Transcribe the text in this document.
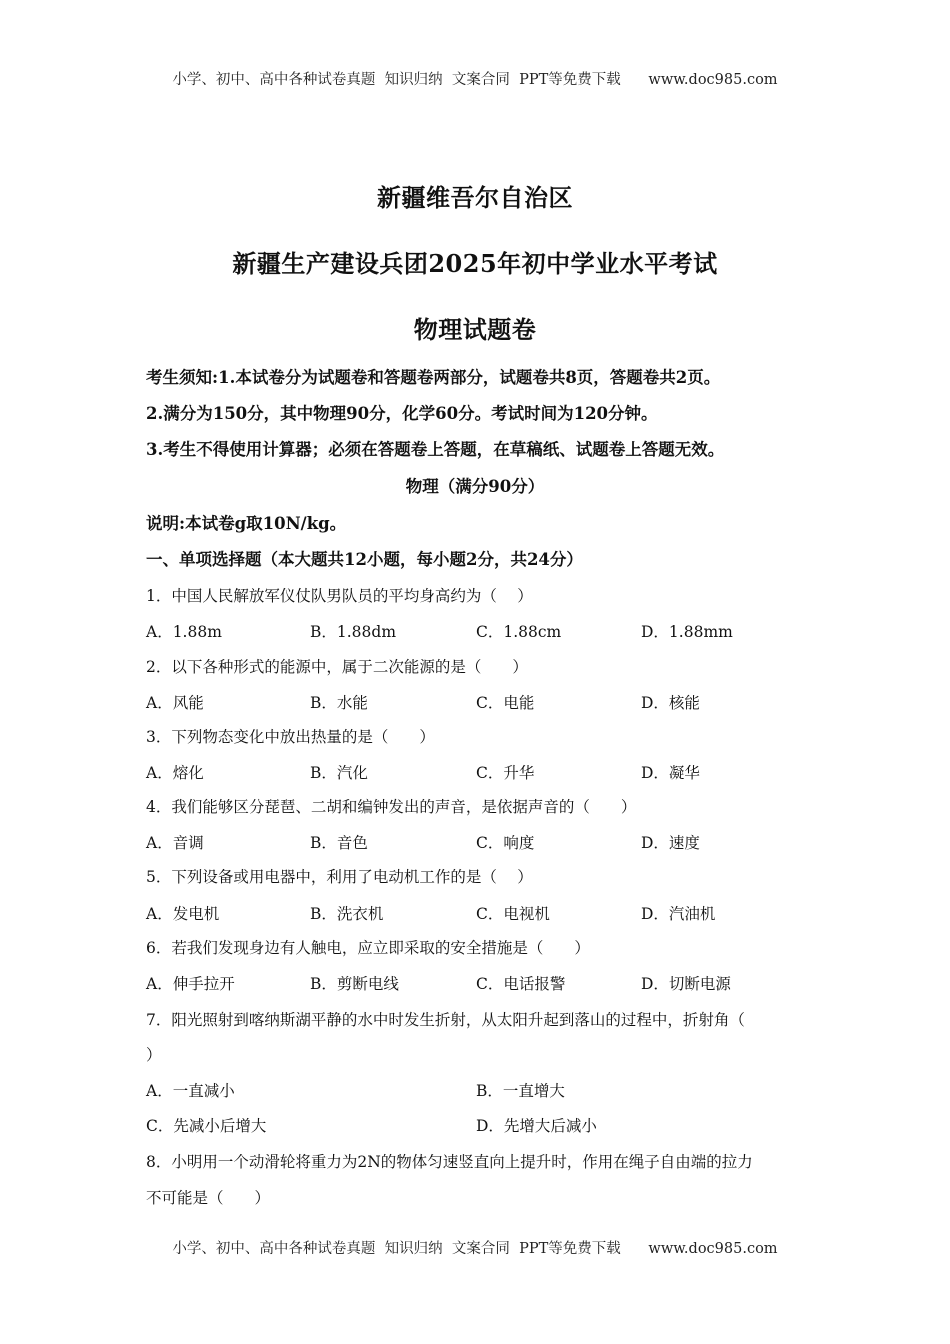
小学、初中、高中各种试卷真题  知识归纳  文案合同  PPT等免费下载      www.doc985.com
新疆维吾尔自治区
新疆生产建设兵团2025年初中学业水平考试
物理试题卷
考生须知:1.本试卷分为试题卷和答题卷两部分，试题卷共8页，答题卷共2页。
2.满分为150分，其中物理90分，化学60分。考试时间为120分钟。
3.考生不得使用计算器；必须在答题卷上答题，在草稿纸、试题卷上答题无效。
物理（满分90分）
说明:本试卷g取10N/kg。
一、单项选择题（本大题共12小题，每小题2分，共24分）
1．中国人民解放军仪仗队男队员的平均身高约为（　 ）
A．1.88m	B．1.88dm	C．1.88cm	D．1.88mm
2．以下各种形式的能源中，属于二次能源的是（　　）
A．风能	B．水能	C．电能	D．核能
3．下列物态变化中放出热量的是（　　）
A．熔化	B．汽化	C．升华	D．凝华
4．我们能够区分琵琶、二胡和编钟发出的声音，是依据声音的（　　）
A．音调	B．音色	C．响度	D．速度
5．下列设备或用电器中，利用了电动机工作的是（　 ）
A．发电机	B．洗衣机	C．电视机	D．汽油机
6．若我们发现身边有人触电，应立即采取的安全措施是（　　）
A．伸手拉开	B．剪断电线	C．电话报警	D．切断电源
7．阳光照射到喀纳斯湖平静的水中时发生折射，从太阳升起到落山的过程中，折射角（
）
A．一直减小	B．一直增大
C．先减小后增大	D．先增大后减小
8．小明用一个动滑轮将重力为2N的物体匀速竖直向上提升时，作用在绳子自由端的拉力
不可能是（　　）
小学、初中、高中各种试卷真题  知识归纳  文案合同  PPT等免费下载      www.doc985.com
